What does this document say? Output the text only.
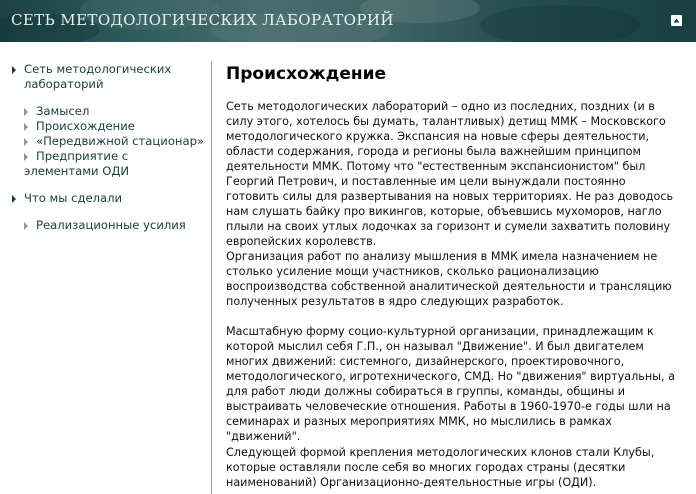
СЕТЬ МЕТОДОЛОГИЧЕСКИХ ЛАБОРАТОРИЙ
Сеть методологических лабораторий
Замысел
Происхождение
«Передвижной стационар»
Предприятие с элементами ОДИ
Что мы сделали
Реализационные усилия
Происхождение

Сеть методологических лабораторий – одно из последних, поздних (и в силу этого, хотелось бы думать, талантливых) детищ ММК – Московского методологического кружка. Экспансия на новые сферы деятельности, области содержания, города и регионы была важнейшим принципом деятельности ММК. Потому что "естественным экспансионистом" был Георгий Петрович, и поставленные им цели вынуждали постоянно готовить силы для развертывания на новых территориях. Не раз доводось нам слушать байку про викингов, которые, объевшись мухоморов, нагло плыли на своих утлых лодочках за горизонт и сумели захватить половину европейских королевств.

Организация работ по анализу мышления в ММК имела назначением не столько усиление мощи участников, сколько рационализацию воспроизводства собственной аналитической деятельности и трансляцию полученных результатов в ядро следующих разработок.

Масштабную форму социо-культурной организации, принадлежащим к которой мыслил себя Г.П., он называл "Движение". И был двигателем многих движений: системного, дизайнерского, проектировочного, методологического, игротехнического, СМД. Но "движения" виртуальны, а для работ люди должны собираться в группы, команды, общины и выстраивать человеческие отношения. Работы в 1960-1970-е годы шли на семинарах и разных мероприятиях ММК, но мыслились в рамках "движений".

Следующей формой крепления методологических клонов стали Клубы, которые оставляли после себя во многих городах страны (десятки наименований) Организационно-деятельностные игры (ОДИ).
